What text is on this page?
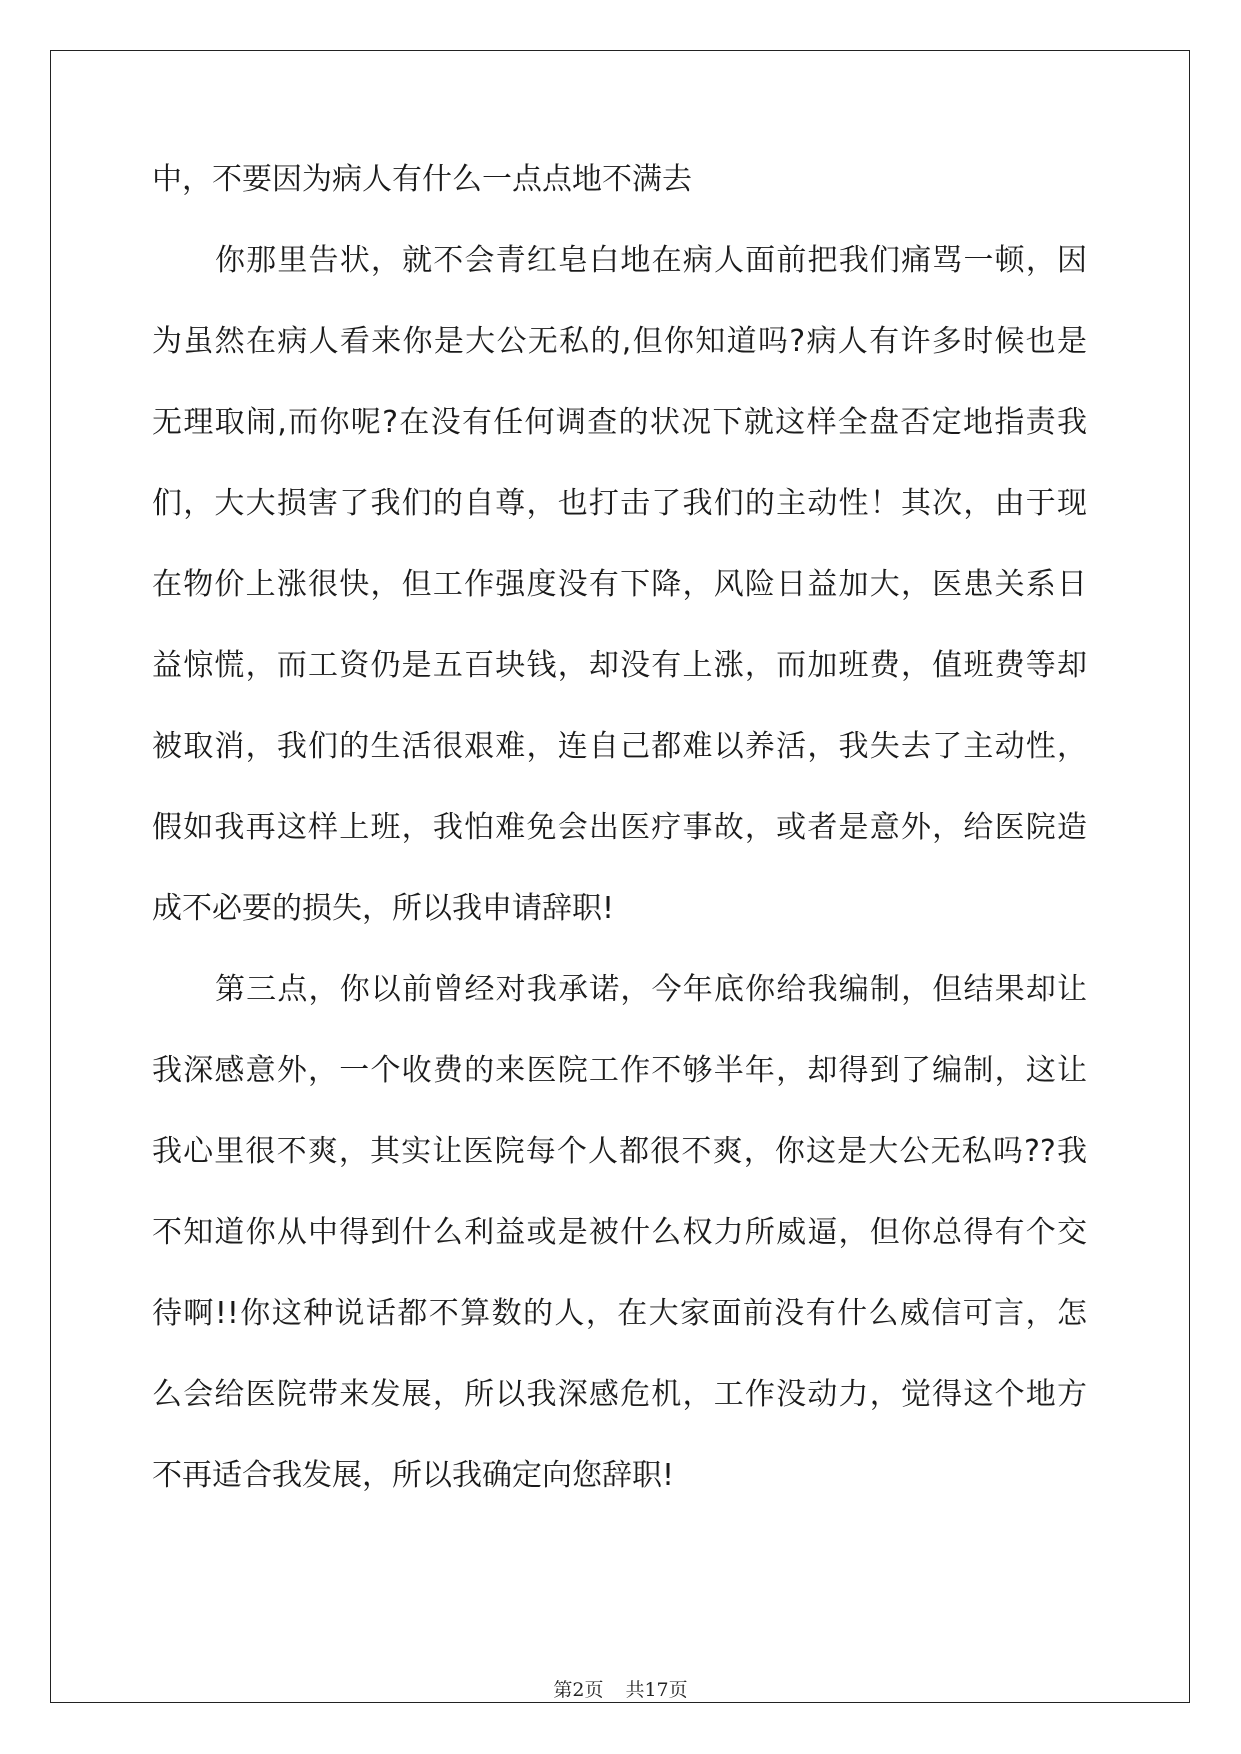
中，不要因为病人有什么一点点地不满去
你那里告状，就不会青红皂白地在病人面前把我们痛骂一顿，因
为虽然在病人看来你是大公无私的,但你知道吗?病人有许多时候也是
无理取闹,而你呢?在没有任何调查的状况下就这样全盘否定地指责我
们，大大损害了我们的自尊，也打击了我们的主动性！其次，由于现
在物价上涨很快，但工作强度没有下降，风险日益加大，医患关系日
益惊慌，而工资仍是五百块钱，却没有上涨，而加班费，值班费等却
被取消，我们的生活很艰难，连自己都难以养活，我失去了主动性，
假如我再这样上班，我怕难免会出医疗事故，或者是意外，给医院造
成不必要的损失，所以我申请辞职!
第三点，你以前曾经对我承诺，今年底你给我编制，但结果却让
我深感意外，一个收费的来医院工作不够半年，却得到了编制，这让
我心里很不爽，其实让医院每个人都很不爽，你这是大公无私吗??我
不知道你从中得到什么利益或是被什么权力所威逼，但你总得有个交
待啊!!你这种说话都不算数的人，在大家面前没有什么威信可言，怎
么会给医院带来发展，所以我深感危机，工作没动力，觉得这个地方
不再适合我发展，所以我确定向您辞职!
第2页 共17页
